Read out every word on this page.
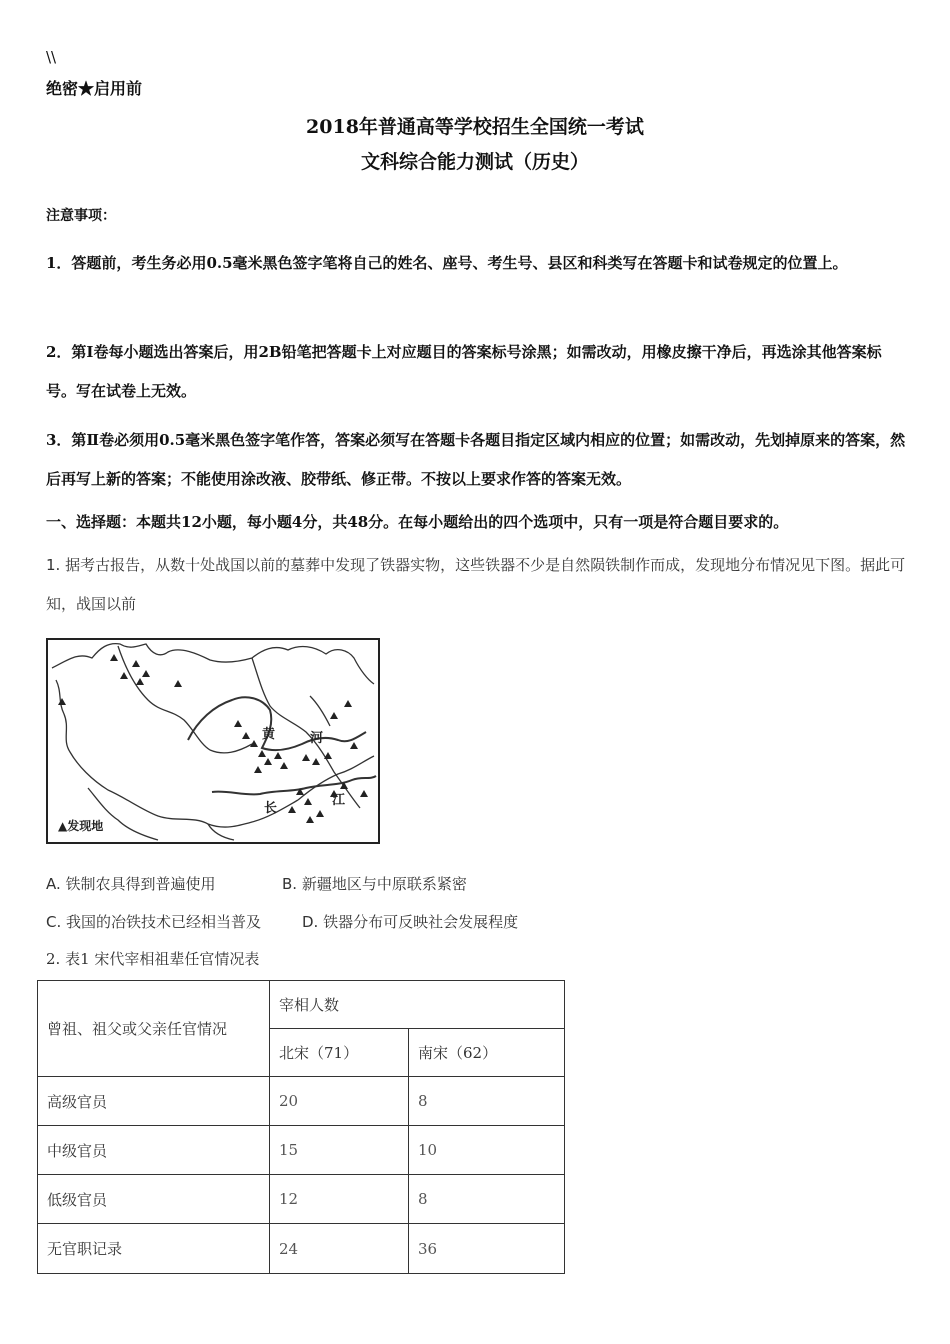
\\
绝密★启用前
2018年普通高等学校招生全国统一考试
文科综合能力测试（历史）
注意事项：
1．答题前，考生务必用0.5毫米黑色签字笔将自己的姓名、座号、考生号、县区和科类写在答题卡和试卷规定的位置上。
2．第Ⅰ卷每小题选出答案后，用2B铅笔把答题卡上对应题目的答案标号涂黑；如需改动，用橡皮擦干净后，再选涂其他答案标号。写在试卷上无效。
3．第Ⅱ卷必须用0.5毫米黑色签字笔作答，答案必须写在答题卡各题目指定区域内相应的位置；如需改动，先划掉原来的答案，然后再写上新的答案；不能使用涂改液、胶带纸、修正带。不按以上要求作答的答案无效。
一、选择题：本题共12小题，每小题4分，共48分。在每小题给出的四个选项中，只有一项是符合题目要求的。
1. 据考古报告，从数十处战国以前的墓葬中发现了铁器实物，这些铁器不少是自然陨铁制作而成，发现地分布情况见下图。据此可知，战国以前
黄	河
长
江
▲发现地
A. 铁制农具得到普遍使用	B. 新疆地区与中原联系紧密
C. 我国的冶铁技术已经相当普及	D. 铁器分布可反映社会发展程度
2. 表1 宋代宰相祖辈任官情况表
曾祖、祖父或父亲任官情况	宰相人数	
	北宋（71）	南宋（62）
高级官员	20	8
中级官员	15	10
低级官员	12	8
无官职记录	24	36
